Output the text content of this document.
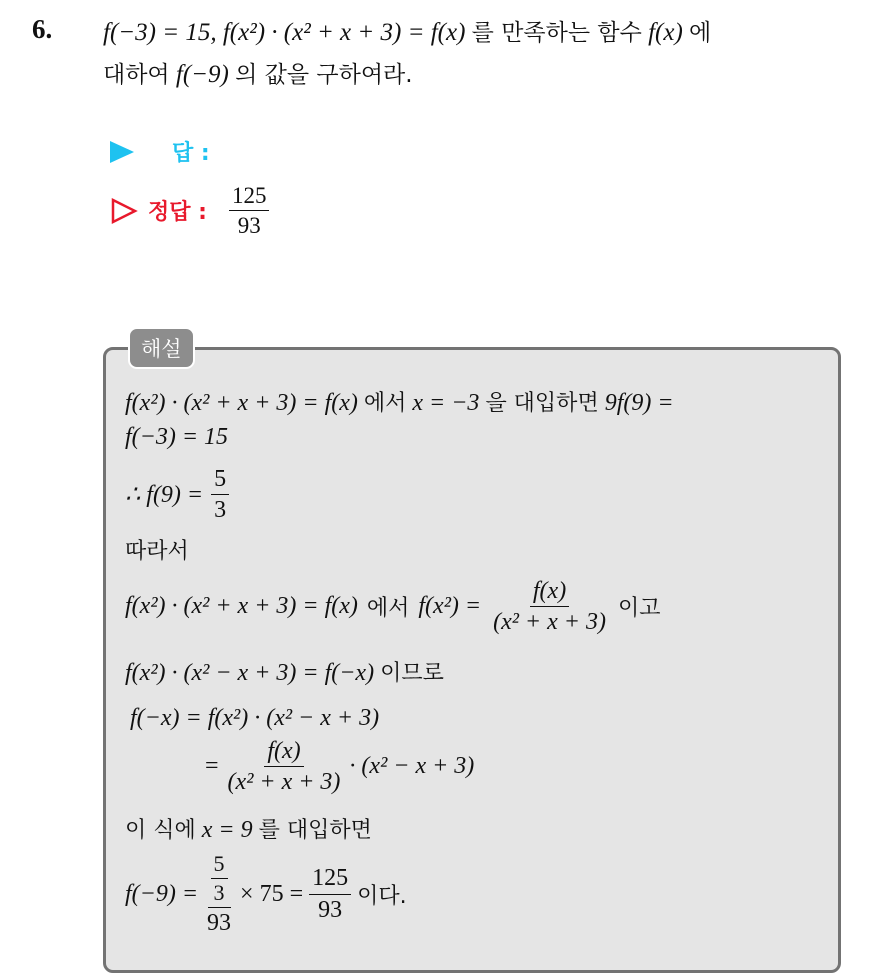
6. f(−3) = 15, f(x²) · (x² + x + 3) = f(x) 를 만족하는 함수 f(x) 에
대하여 f(−9) 의 값을 구하여라.
답 :
정답 : $\frac{125}{93}$
해설
f(x²) · (x² + x + 3) = f(x) 에서 x = −3 을 대입하면 9f(9) =
f(−3) = 15
∴ $f(9) = \frac{5}{3}$
따라서
f(x²) · (x² + x + 3) = f(x) 에서 $f(x^2) = \frac{f(x)}{\text{(x² + x + 3)}}$ 이고
f(x²) · (x² − x + 3) = f(−x) 이므로
f(−x) = f(x²) · (x² − x + 3)
= $\frac{f(x)}{\text{(x² + x + 3)}} \cdot (x^2 - x + 3)$
이 식에 x = 9 를 대입하면
$f(-9) = \frac{\frac{5}{3}}{93} \times 75 = \frac{125}{93}$ 이다.
